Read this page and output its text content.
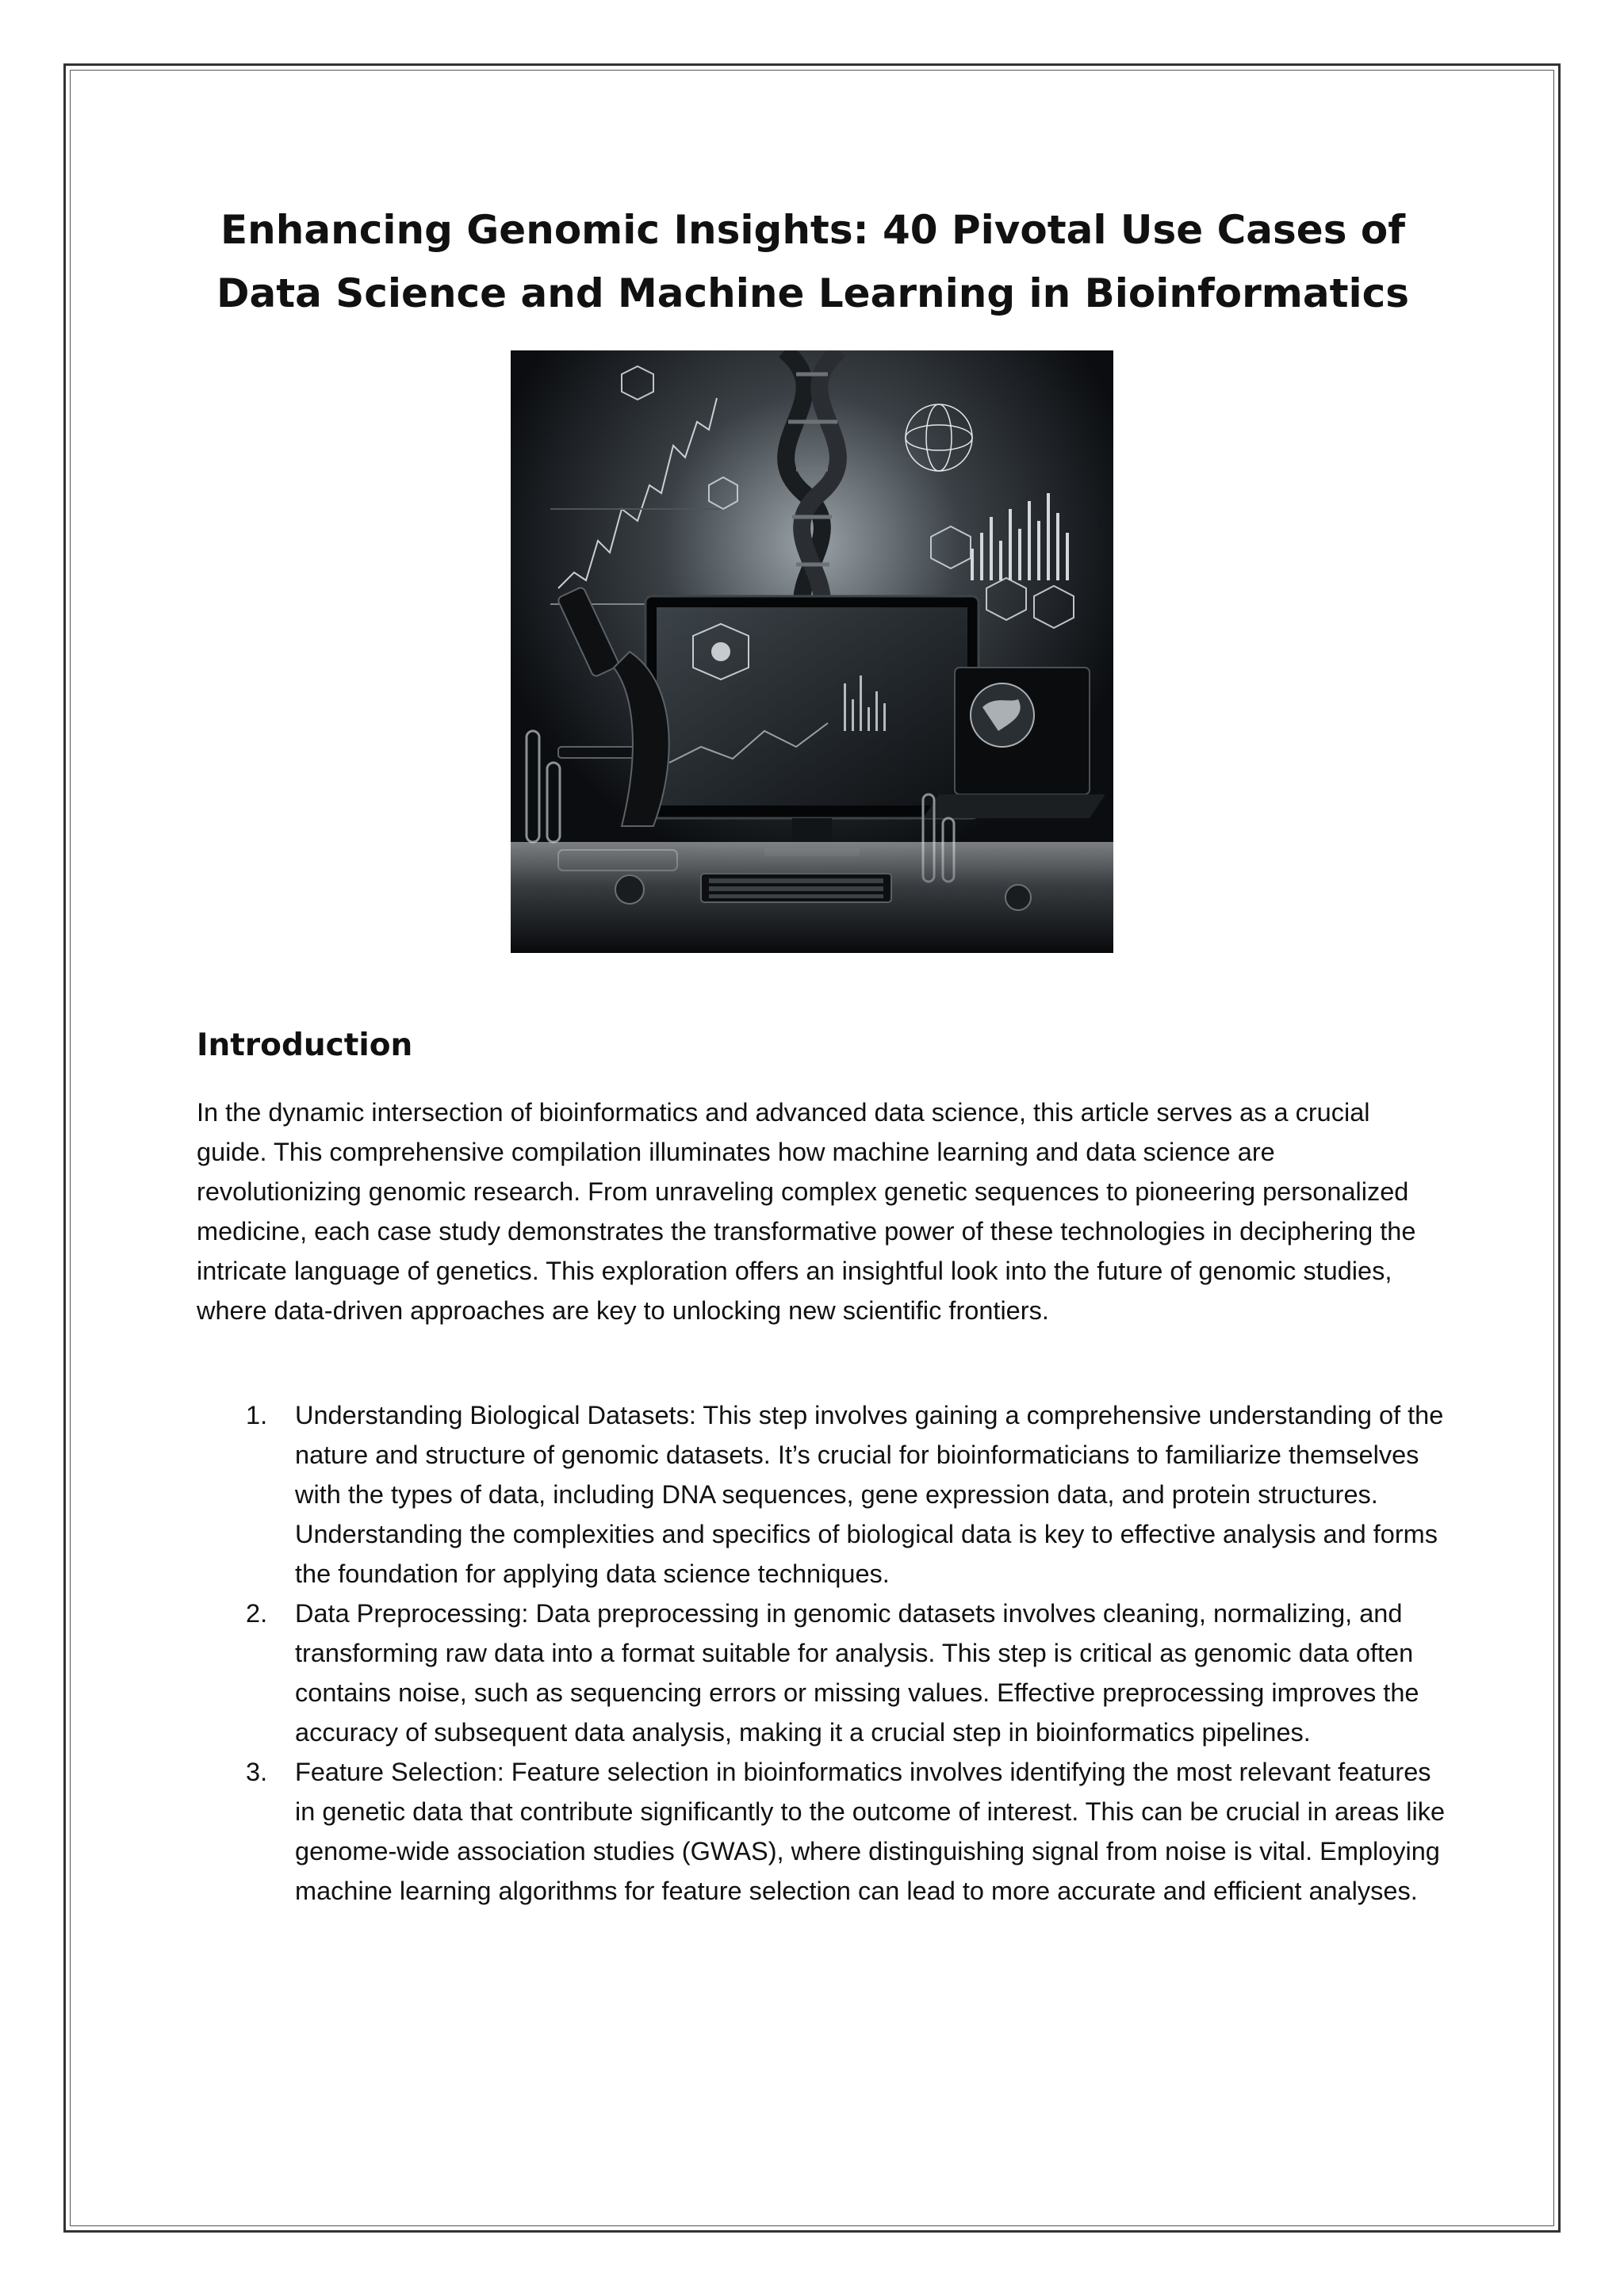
Enhancing Genomic Insights: 40 Pivotal Use Cases of Data Science and Machine Learning in Bioinformatics
Introduction

In the dynamic intersection of bioinformatics and advanced data science, this article serves as a crucial guide. This comprehensive compilation illuminates how machine learning and data science are revolutionizing genomic research. From unraveling complex genetic sequences to pioneering personalized medicine, each case study demonstrates the transformative power of these technologies in deciphering the intricate language of genetics. This exploration offers an insightful look into the future of genomic studies, where data-driven approaches are key to unlocking new scientific frontiers.

1. Understanding Biological Datasets: This step involves gaining a comprehensive understanding of the nature and structure of genomic datasets. It’s crucial for bioinformaticians to familiarize themselves with the types of data, including DNA sequences, gene expression data, and protein structures. Understanding the complexities and specifics of biological data is key to effective analysis and forms the foundation for applying data science techniques.
2. Data Preprocessing: Data preprocessing in genomic datasets involves cleaning, normalizing, and transforming raw data into a format suitable for analysis. This step is critical as genomic data often contains noise, such as sequencing errors or missing values. Effective preprocessing improves the accuracy of subsequent data analysis, making it a crucial step in bioinformatics pipelines.
3. Feature Selection: Feature selection in bioinformatics involves identifying the most relevant features in genetic data that contribute significantly to the outcome of interest. This can be crucial in areas like genome-wide association studies (GWAS), where distinguishing signal from noise is vital. Employing machine learning algorithms for feature selection can lead to more accurate and efficient analyses.
